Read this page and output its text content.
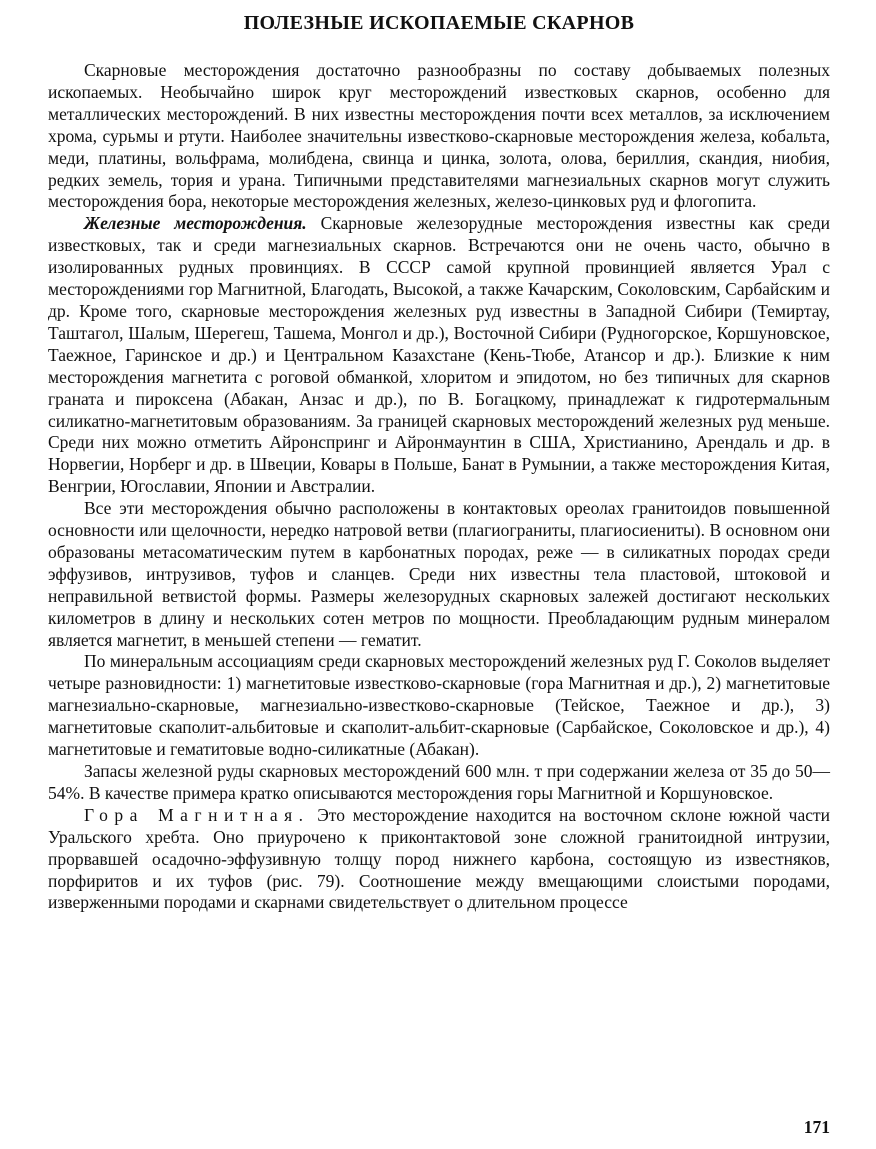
ПОЛЕЗНЫЕ ИСКОПАЕМЫЕ СКАРНОВ

Скарновые месторождения достаточно разнообразны по составу добываемых полезных ископаемых. Необычайно широк круг месторождений известковых скарнов, особенно для металлических месторождений. В них известны месторождения почти всех металлов, за исключением хрома, сурьмы и ртути. Наиболее значительны известково-скарновые месторождения железа, кобальта, меди, платины, вольфрама, молибдена, свинца и цинка, золота, олова, бериллия, скандия, ниобия, редких земель, тория и урана. Типичными представителями магнезиальных скарнов могут служить месторождения бора, некоторые месторождения железных, железо-цинковых руд и флогопита.

Железные месторождения. Скарновые железорудные месторождения известны как среди известковых, так и среди магнезиальных скарнов. Встречаются они не очень часто, обычно в изолированных рудных провинциях. В СССР самой крупной провинцией является Урал с месторождениями гор Магнитной, Благодать, Высокой, а также Качарским, Соколовским, Сарбайским и др. Кроме того, скарновые месторождения железных руд известны в Западной Сибири (Темиртау, Таштагол, Шалым, Шерегеш, Ташема, Монгол и др.), Восточной Сибири (Рудногорское, Коршуновское, Таежное, Гаринское и др.) и Центральном Казахстане (Кень-Тюбе, Атансор и др.). Близкие к ним месторождения магнетита с роговой обманкой, хлоритом и эпидотом, но без типичных для скарнов граната и пироксена (Абакан, Анзас и др.), по В. Богацкому, принадлежат к гидротермальным силикатно-магнетитовым образованиям. За границей скарновых месторождений железных руд меньше. Среди них можно отметить Айронспринг и Айронмаунтин в США, Христианино, Арендаль и др. в Норвегии, Норберг и др. в Швеции, Ковары в Польше, Банат в Румынии, а также месторождения Китая, Венгрии, Югославии, Японии и Австралии.

Все эти месторождения обычно расположены в контактовых ореолах гранитоидов повышенной основности или щелочности, нередко натровой ветви (плагиограниты, плагиосиениты). В основном они образованы метасоматическим путем в карбонатных породах, реже — в силикатных породах среди эффузивов, интрузивов, туфов и сланцев. Среди них известны тела пластовой, штоковой и неправильной ветвистой формы. Размеры железорудных скарновых залежей достигают нескольких километров в длину и нескольких сотен метров по мощности. Преобладающим рудным минералом является магнетит, в меньшей степени — гематит.

По минеральным ассоциациям среди скарновых месторождений железных руд Г. Соколов выделяет четыре разновидности: 1) магнетитовые известково-скарновые (гора Магнитная и др.), 2) магнетитовые магнезиально-скарновые, магнезиально-известково-скарновые (Тейское, Таежное и др.), 3) магнетитовые скаполит-альбитовые и скаполит-альбит-скарновые (Сарбайское, Соколовское и др.), 4) магнетитовые и гематитовые водно-силикатные (Абакан).

Запасы железной руды скарновых месторождений 600 млн. т при содержании железа от 35 до 50—54%. В качестве примера кратко описываются месторождения горы Магнитной и Коршуновское.

Гора Магнитная. Это месторождение находится на восточном склоне южной части Уральского хребта. Оно приурочено к приконтактовой зоне сложной гранитоидной интрузии, прорвавшей осадочно-эффузивную толщу пород нижнего карбона, состоящую из известняков, порфиритов и их туфов (рис. 79). Соотношение между вмещающими слоистыми породами, изверженными породами и скарнами свидетельствует о длительном процессе

171
